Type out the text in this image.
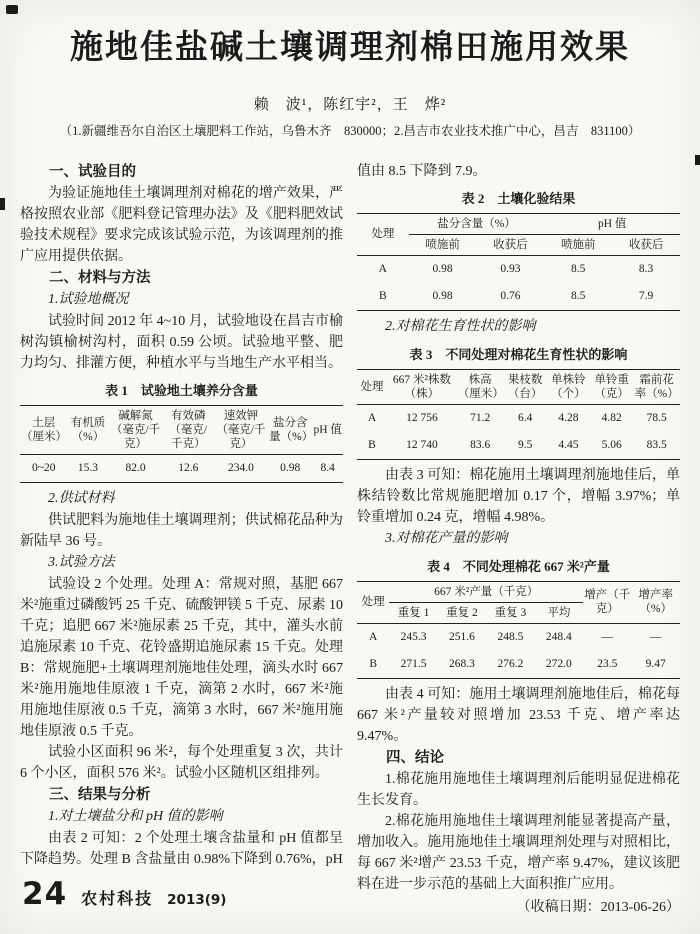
施地佳盐碱土壤调理剂棉田施用效果
赖　波¹，陈红宇²，王　烨²
（1.新疆维吾尔自治区土壤肥料工作站，乌鲁木齐　830000；2.昌吉市农业技术推广中心，昌吉　831100）
一、试验目的

为验证施地佳土壤调理剂对棉花的增产效果，严格按照农业部《肥料登记管理办法》及《肥料肥效试验技术规程》要求完成该试验示范，为该调理剂的推广应用提供依据。

二、材料与方法
1.试验地概况

试验时间 2012 年 4~10 月，试验地设在昌吉市榆树沟镇榆树沟村，面积 0.59 公顷。试验地平整、肥力均匀、排灌方便，种植水平与当地生产水平相当。

表 1　试验地土壤养分含量
土层（厘米）	有机质（%）	碱解氮（毫克/千克）	有效磷（毫克/千克）	速效钾（毫克/千克）	盐分含量（%）	pH 值
0~20	15.3	82.0	12.6	234.0	0.98	8.4
2.供试材料

供试肥料为施地佳土壤调理剂；供试棉花品种为新陆早 36 号。

3.试验方法

试验设 2 个处理。处理 A：常规对照，基肥 667 米²施重过磷酸钙 25 千克、硫酸钾镁 5 千克、尿素 10 千克；追肥 667 米²施尿素 25 千克，其中，灌头水前追施尿素 10 千克、花铃盛期追施尿素 15 千克。处理 B：常规施肥+土壤调理剂施地佳处理，滴头水时 667 米²施用施地佳原液 1 千克，滴第 2 水时，667 米²施用施地佳原液 0.5 千克，滴第 3 水时，667 米²施用施地佳原液 0.5 千克。

试验小区面积 96 米²，每个处理重复 3 次，共计 6 个小区，面积 576 米²。试验小区随机区组排列。

三、结果与分析
1.对土壤盐分和 pH 值的影响

由表 2 可知：2 个处理土壤含盐量和 pH 值都呈下降趋势。处理 B 含盐量由 0.98%下降到 0.76%，pH

值由 8.5 下降到 7.9。

表 2　土壤化验结果
处理	盐分含量（%）		pH 值	
	喷施前	收获后	喷施前	收获后
A	0.98	0.93	8.5	8.3
B	0.98	0.76	8.5	7.9
2.对棉花生育性状的影响
表 3　不同处理对棉花生育性状的影响
处理	667 米²株数（株）	株高（厘米）	果枝数（台）	单株铃（个）	单铃重（克）	霜前花率（%）
A	12 756	71.2	6.4	4.28	4.82	78.5
B	12 740	83.6	9.5	4.45	5.06	83.5

由表 3 可知：棉花施用土壤调理剂施地佳后，单株结铃数比常规施肥增加 0.17 个，增幅 3.97%；单铃重增加 0.24 克，增幅 4.98%。

3.对棉花产量的影响
表 4　不同处理棉花 667 米²产量
处理	667 米²产量（千克）				增产（千克）	增产率（%）
	重复 1	重复 2	重复 3	平均		
A	245.3	251.6	248.5	248.4	—	—
B	271.5	268.3	276.2	272.0	23.5	9.47

由表 4 可知：施用土壤调理剂施地佳后，棉花每 667 米²产量较对照增加 23.53 千克、增产率达 9.47%。

四、结论

1.棉花施用施地佳土壤调理剂后能明显促进棉花生长发育。

2.棉花施用施地佳土壤调理剂能显著提高产量，增加收入。施用施地佳土壤调理剂处理与对照相比，每 667 米²增产 23.53 千克，增产率 9.47%，建议该肥料在进一步示范的基础上大面积推广应用。

（收稿日期：2013-06-26）

24 农村科技 2013(9)
